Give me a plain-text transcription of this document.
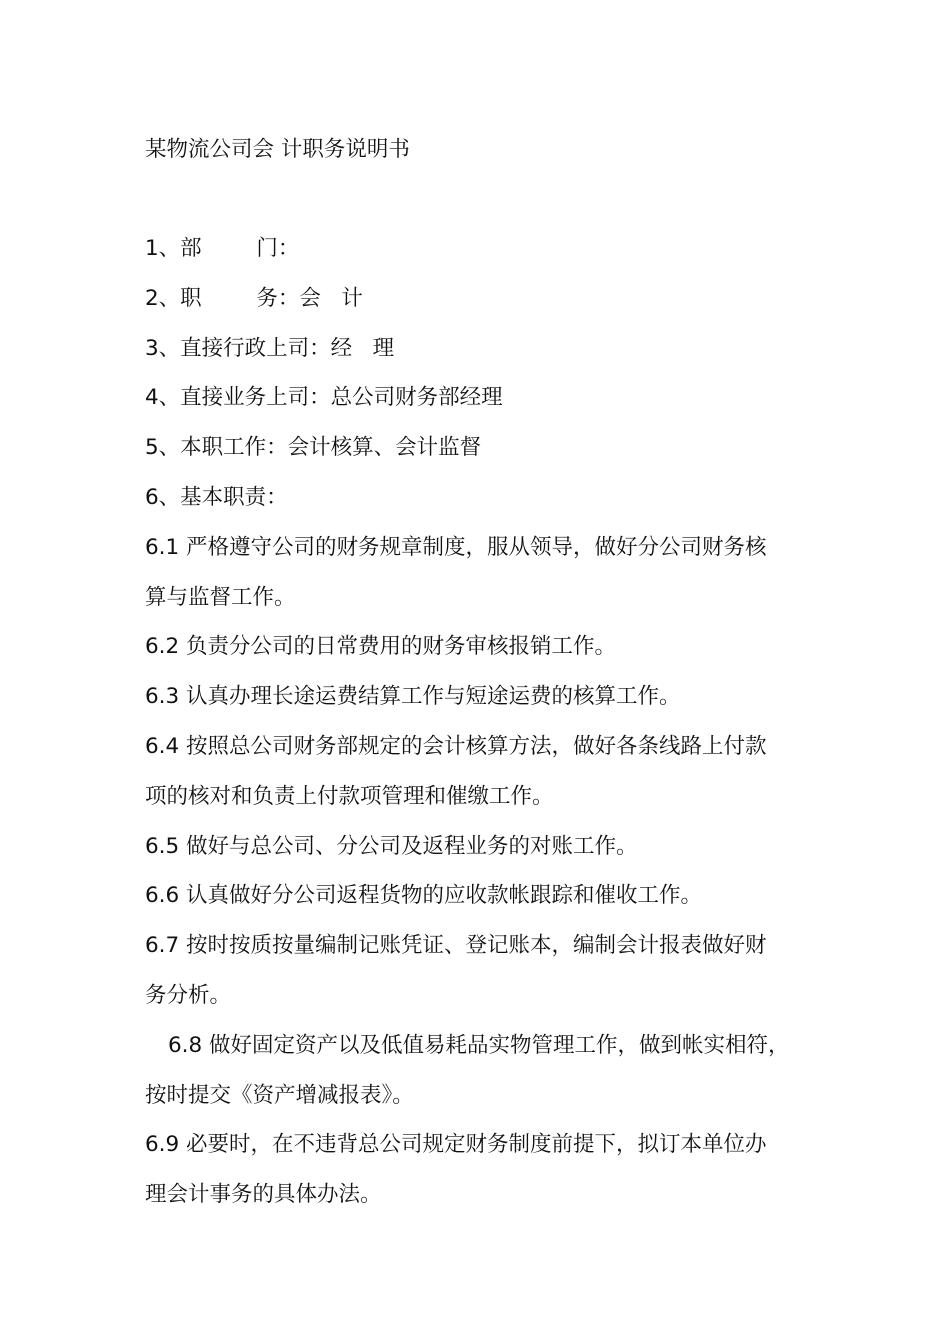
某物流公司会 计职务说明书
1、部        门：
2、职        务：会   计
3、直接行政上司：经   理
4、直接业务上司：总公司财务部经理
5、本职工作：会计核算、会计监督
6、基本职责：
6.1 严格遵守公司的财务规章制度，服从领导，做好分公司财务核
算与监督工作。
6.2 负责分公司的日常费用的财务审核报销工作。
6.3 认真办理长途运费结算工作与短途运费的核算工作。
6.4 按照总公司财务部规定的会计核算方法，做好各条线路上付款
项的核对和负责上付款项管理和催缴工作。
6.5 做好与总公司、分公司及返程业务的对账工作。
6.6 认真做好分公司返程货物的应收款帐跟踪和催收工作。
6.7 按时按质按量编制记账凭证、登记账本，编制会计报表做好财
务分析。
6.8 做好固定资产以及低值易耗品实物管理工作，做到帐实相符，
按时提交《资产增减报表》。
6.9 必要时，在不违背总公司规定财务制度前提下，拟订本单位办
理会计事务的具体办法。
